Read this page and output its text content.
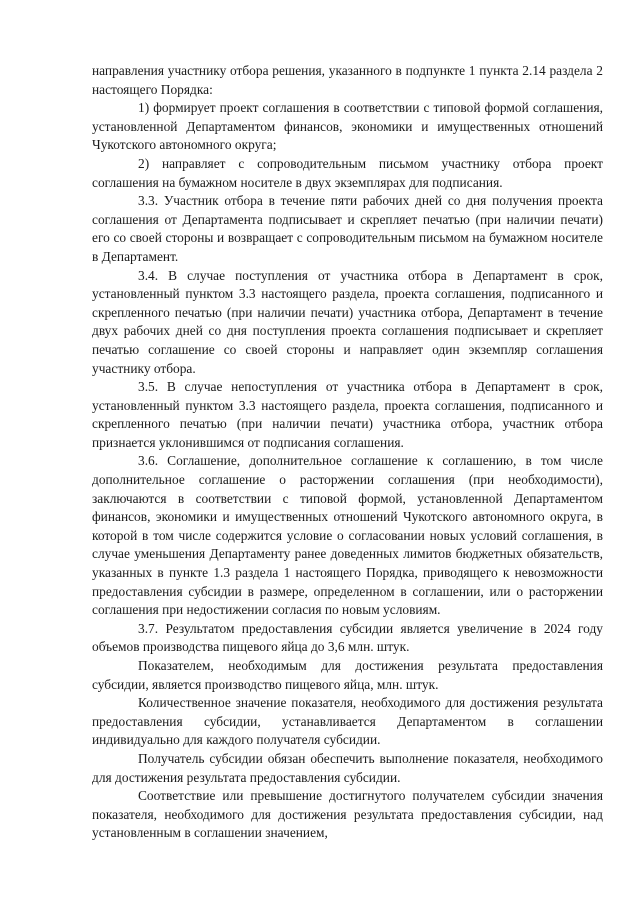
направления участнику отбора решения, указанного в подпункте 1 пункта 2.14 раздела 2 настоящего Порядка:

1) формирует проект соглашения в соответствии с типовой формой соглашения, установленной Департаментом финансов, экономики и имущественных отношений Чукотского автономного округа;

2) направляет с сопроводительным письмом участнику отбора проект соглашения на бумажном носителе в двух экземплярах для подписания.

3.3. Участник отбора в течение пяти рабочих дней со дня получения проекта соглашения от Департамента подписывает и скрепляет печатью (при наличии печати) его со своей стороны и возвращает с сопроводительным письмом на бумажном носителе в Департамент.

3.4. В случае поступления от участника отбора в Департамент в срок, установленный пунктом 3.3 настоящего раздела, проекта соглашения, подписанного и скрепленного печатью (при наличии печати) участника отбора, Департамент в течение двух рабочих дней со дня поступления проекта соглашения подписывает и скрепляет печатью соглашение со своей стороны и направляет один экземпляр соглашения участнику отбора.

3.5. В случае непоступления от участника отбора в Департамент в срок, установленный пунктом 3.3 настоящего раздела, проекта соглашения, подписанного и скрепленного печатью (при наличии печати) участника отбора, участник отбора признается уклонившимся от подписания соглашения.

3.6. Соглашение, дополнительное соглашение к соглашению, в том числе дополнительное соглашение о расторжении соглашения (при необходимости), заключаются в соответствии с типовой формой, установленной Департаментом финансов, экономики и имущественных отношений Чукотского автономного округа, в которой в том числе содержится условие о согласовании новых условий соглашения, в случае уменьшения Департаменту ранее доведенных лимитов бюджетных обязательств, указанных в пункте 1.3 раздела 1 настоящего Порядка, приводящего к невозможности предоставления субсидии в размере, определенном в соглашении, или о расторжении соглашения при недостижении согласия по новым условиям.

3.7. Результатом предоставления субсидии является увеличение в 2024 году объемов производства пищевого яйца до 3,6 млн. штук.

Показателем, необходимым для достижения результата предоставления субсидии, является производство пищевого яйца, млн. штук.

Количественное значение показателя, необходимого для достижения результата предоставления субсидии, устанавливается Департаментом в соглашении индивидуально для каждого получателя субсидии.

Получатель субсидии обязан обеспечить выполнение показателя, необходимого для достижения результата предоставления субсидии.

Соответствие или превышение достигнутого получателем субсидии значения показателя, необходимого для достижения результата предоставления субсидии, над установленным в соглашении значением,
